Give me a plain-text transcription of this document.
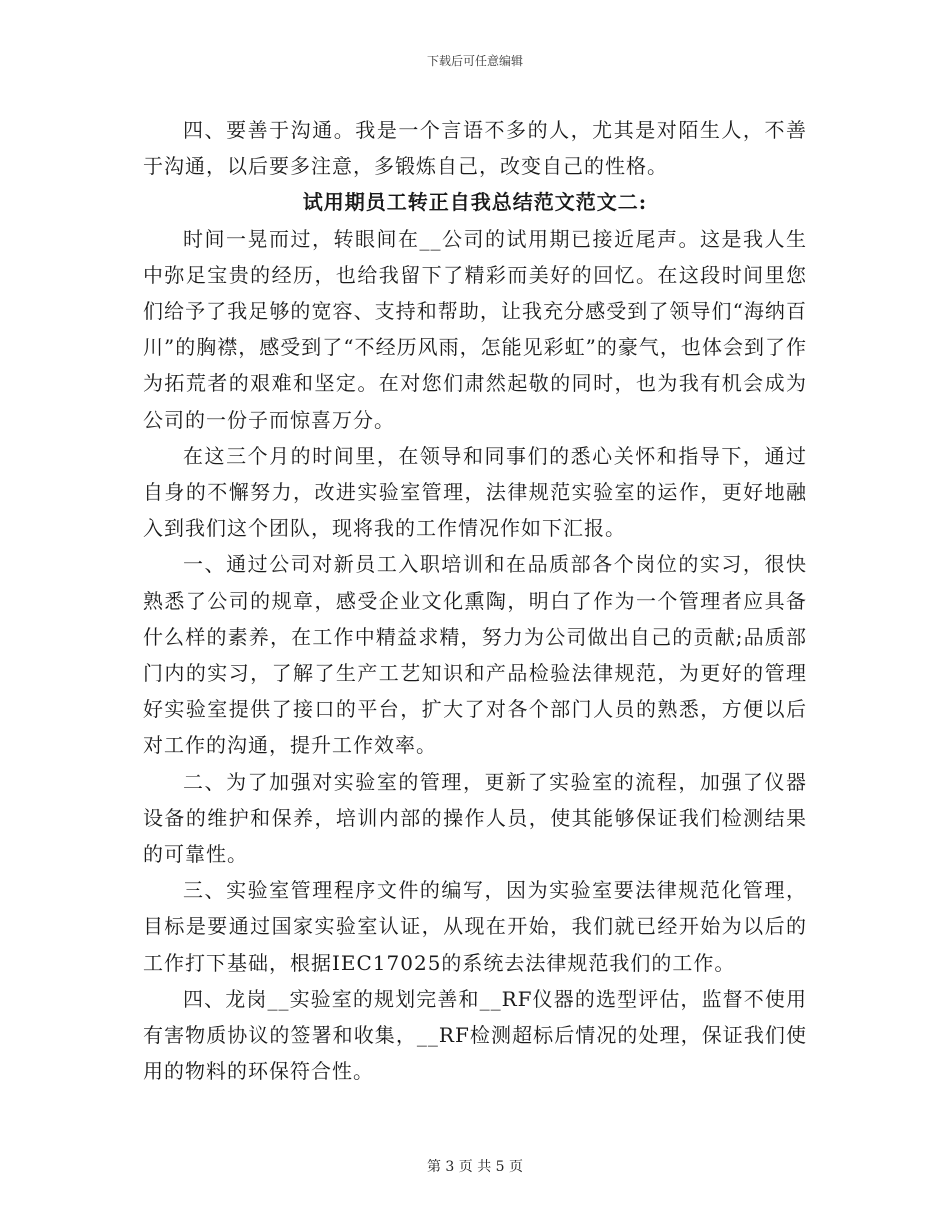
下载后可任意编辑

四、要善于沟通。我是一个言语不多的人，尤其是对陌生人，不善于沟通，以后要多注意，多锻炼自己，改变自己的性格。

试用期员工转正自我总结范文范文二:

时间一晃而过，转眼间在__公司的试用期已接近尾声。这是我人生中弥足宝贵的经历，也给我留下了精彩而美好的回忆。在这段时间里您们给予了我足够的宽容、支持和帮助，让我充分感受到了领导们“海纳百川”的胸襟，感受到了“不经历风雨，怎能见彩虹”的豪气，也体会到了作为拓荒者的艰难和坚定。在对您们肃然起敬的同时，也为我有机会成为公司的一份子而惊喜万分。

在这三个月的时间里，在领导和同事们的悉心关怀和指导下，通过自身的不懈努力，改进实验室管理，法律规范实验室的运作，更好地融入到我们这个团队，现将我的工作情况作如下汇报。

一、通过公司对新员工入职培训和在品质部各个岗位的实习，很快熟悉了公司的规章，感受企业文化熏陶，明白了作为一个管理者应具备什么样的素养，在工作中精益求精，努力为公司做出自己的贡献;品质部门内的实习，了解了生产工艺知识和产品检验法律规范，为更好的管理好实验室提供了接口的平台，扩大了对各个部门人员的熟悉，方便以后对工作的沟通，提升工作效率。

二、为了加强对实验室的管理，更新了实验室的流程，加强了仪器设备的维护和保养，培训内部的操作人员，使其能够保证我们检测结果的可靠性。

三、实验室管理程序文件的编写，因为实验室要法律规范化管理，目标是要通过国家实验室认证，从现在开始，我们就已经开始为以后的工作打下基础，根据IEC17025的系统去法律规范我们的工作。

四、龙岗__实验室的规划完善和__RF仪器的选型评估，监督不使用有害物质协议的签署和收集，__RF检测超标后情况的处理，保证我们使用的物料的环保符合性。

第 3 页 共 5 页
